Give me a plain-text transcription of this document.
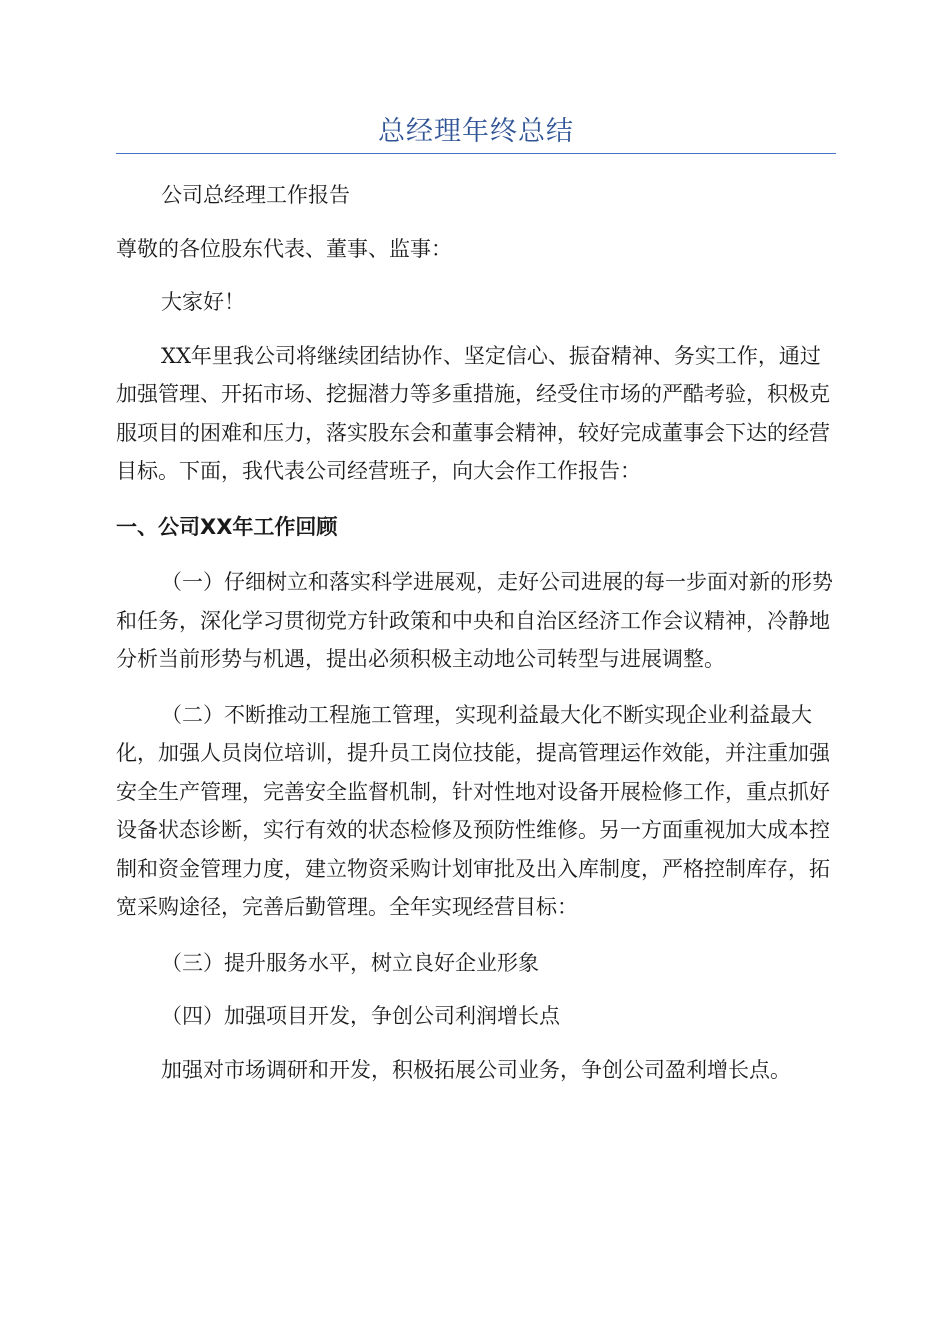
总经理年终总结

公司总经理工作报告

尊敬的各位股东代表、董事、监事：

大家好！

XX年里我公司将继续团结协作、坚定信心、振奋精神、务实工作，通过加强管理、开拓市场、挖掘潜力等多重措施，经受住市场的严酷考验，积极克服项目的困难和压力，落实股东会和董事会精神，较好完成董事会下达的经营目标。下面，我代表公司经营班子，向大会作工作报告：

一、公司XX年工作回顾

（一）仔细树立和落实科学进展观，走好公司进展的每一步面对新的形势和任务，深化学习贯彻党方针政策和中央和自治区经济工作会议精神，冷静地分析当前形势与机遇，提出必须积极主动地公司转型与进展调整。

（二）不断推动工程施工管理，实现利益最大化不断实现企业利益最大化，加强人员岗位培训，提升员工岗位技能，提高管理运作效能，并注重加强安全生产管理，完善安全监督机制，针对性地对设备开展检修工作，重点抓好设备状态诊断，实行有效的状态检修及预防性维修。另一方面重视加大成本控制和资金管理力度，建立物资采购计划审批及出入库制度，严格控制库存，拓宽采购途径，完善后勤管理。全年实现经营目标：

（三）提升服务水平，树立良好企业形象

（四）加强项目开发，争创公司利润增长点

加强对市场调研和开发，积极拓展公司业务，争创公司盈利增长点。
